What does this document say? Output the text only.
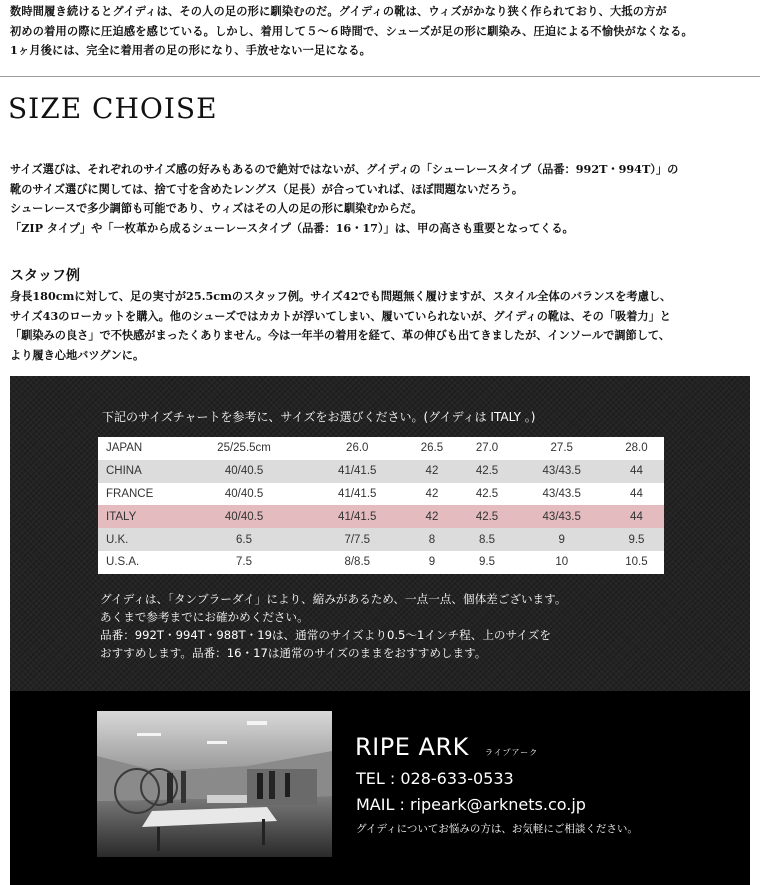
数時間履き続けるとグイディは、その人の足の形に馴染むのだ。グイディの靴は、ウィズがかなり狭く作られており、大抵の方が
初めの着用の際に圧迫感を感じている。しかし、着用して５～６時間で、シューズが足の形に馴染み、圧迫による不愉快がなくなる。
1ヶ月後には、完全に着用者の足の形になり、手放せない一足になる。
SIZE CHOISE
サイズ選びは、それぞれのサイズ感の好みもあるので絶対ではないが、グイディの「シューレースタイプ（品番：992T・994T）」の
靴のサイズ選びに関しては、捨て寸を含めたレングス（足長）が合っていれば、ほぼ問題ないだろう。
シューレースで多少調節も可能であり、ウィズはその人の足の形に馴染むからだ。
「ZIP タイプ」や「一枚革から成るシューレースタイプ（品番：16・17）」は、甲の高さも重要となってくる。
スタッフ例
身長180cmに対して、足の実寸が25.5cmのスタッフ例。サイズ42でも問題無く履けますが、スタイル全体のバランスを考慮し、
サイズ43のローカットを購入。他のシューズではカカトが浮いてしまい、履いていられないが、グイディの靴は、その「吸着力」と
「馴染みの良さ」で不快感がまったくありません。今は一年半の着用を経て、革の伸びも出てきましたが、インソールで調節して、
より履き心地バツグンに。
下記のサイズチャートを参考に、サイズをお選びください。(グイディは ITALY 。)
JAPAN	25/25.5cm	26.0	26.5	27.0	27.5	28.0
CHINA	40/40.5	41/41.5	42	42.5	43/43.5	44
FRANCE	40/40.5	41/41.5	42	42.5	43/43.5	44
ITALY	40/40.5	41/41.5	42	42.5	43/43.5	44
U.K.	6.5	7/7.5	8	8.5	9	9.5
U.S.A.	7.5	8/8.5	9	9.5	10	10.5
グイディは、「タンブラーダイ」により、縮みがあるため、一点一点、個体差ございます。
あくまで参考までにお確かめください。
品番：992T・994T・988T・19は、通常のサイズより0.5～1インチ程、上のサイズを
おすすめします。品番：16・17は通常のサイズのままをおすすめします。
RIPE ARK ライプアーク
TEL : 028-633-0533
MAIL : ripeark@arknets.co.jp
グイディについてお悩みの方は、お気軽にご相談ください。
